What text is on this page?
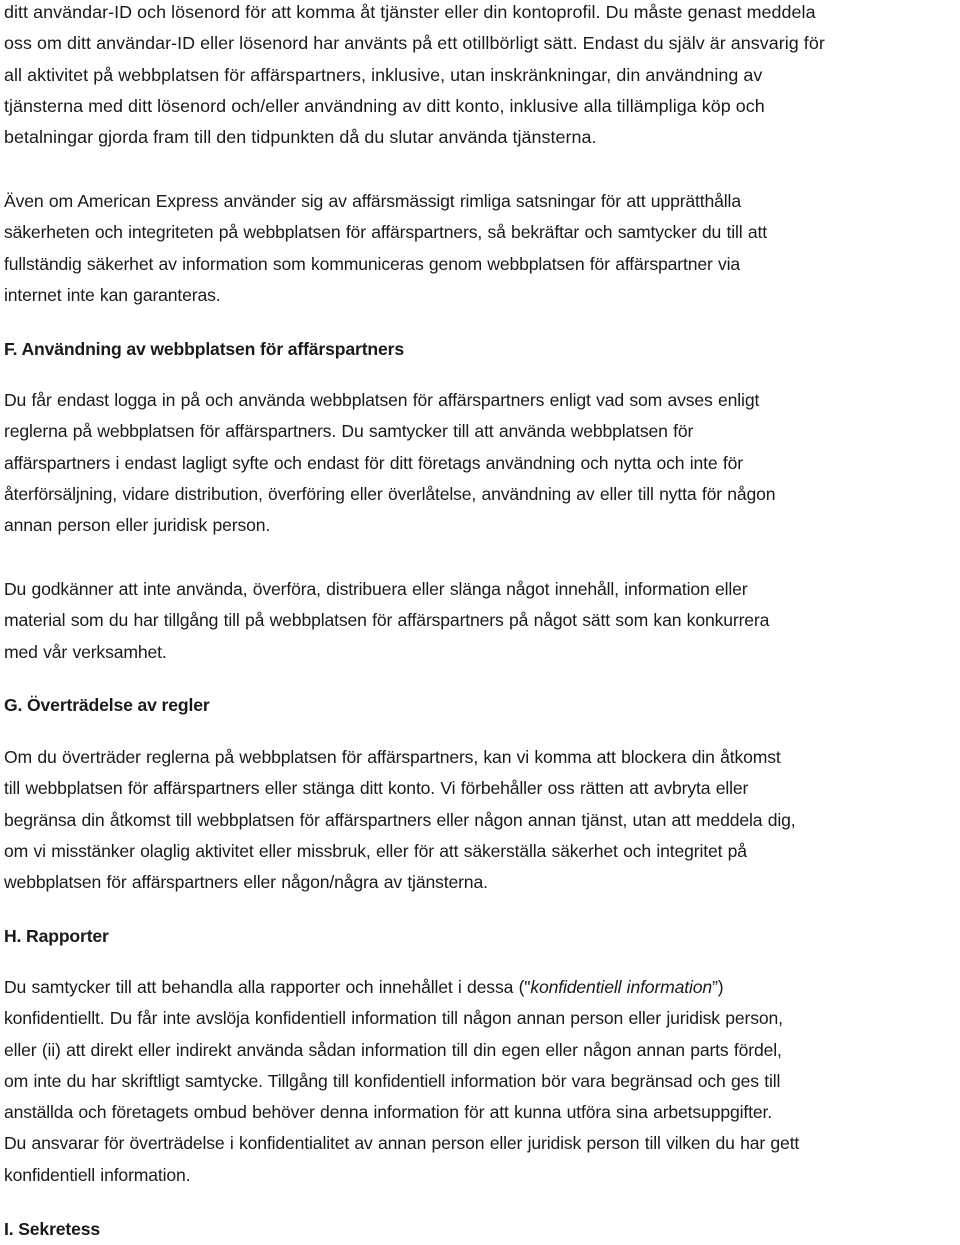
ditt användar-ID och lösenord för att komma åt tjänster eller din kontoprofil. Du måste genast meddela
oss om ditt användar-ID eller lösenord har använts på ett otillbörligt sätt. Endast du själv är ansvarig för
all aktivitet på webbplatsen för affärspartners, inklusive, utan inskränkningar, din användning av
tjänsterna med ditt lösenord och/eller användning av ditt konto, inklusive alla tillämpliga köp och
betalningar gjorda fram till den tidpunkten då du slutar använda tjänsterna.
Även om American Express använder sig av affärsmässigt rimliga satsningar för att upprätthålla
säkerheten och integriteten på webbplatsen för affärspartners, så bekräftar och samtycker du till att
fullständig säkerhet av information som kommuniceras genom webbplatsen för affärspartner via
internet inte kan garanteras.
F. Användning av webbplatsen för affärspartners
Du får endast logga in på och använda webbplatsen för affärspartners enligt vad som avses enligt
reglerna på webbplatsen för affärspartners. Du samtycker till att använda webbplatsen för
affärspartners i endast lagligt syfte och endast för ditt företags användning och nytta och inte för
återförsäljning, vidare distribution, överföring eller överlåtelse, användning av eller till nytta för någon
annan person eller juridisk person.
Du godkänner att inte använda, överföra, distribuera eller slänga något innehåll, information eller
material som du har tillgång till på webbplatsen för affärspartners på något sätt som kan konkurrera
med vår verksamhet.
G. Överträdelse av regler
Om du överträder reglerna på webbplatsen för affärspartners, kan vi komma att blockera din åtkomst
till webbplatsen för affärspartners eller stänga ditt konto. Vi förbehåller oss rätten att avbryta eller
begränsa din åtkomst till webbplatsen för affärspartners eller någon annan tjänst, utan att meddela dig,
om vi misstänker olaglig aktivitet eller missbruk, eller för att säkerställa säkerhet och integritet på
webbplatsen för affärspartners eller någon/några av tjänsterna.
H. Rapporter
Du samtycker till att behandla alla rapporter och innehållet i dessa ("konfidentiell information”)
konfidentiellt. Du får inte avslöja konfidentiell information till någon annan person eller juridisk person,
eller (ii) att direkt eller indirekt använda sådan information till din egen eller någon annan parts fördel,
om inte du har skriftligt samtycke. Tillgång till konfidentiell information bör vara begränsad och ges till
anställda och företagets ombud behöver denna information för att kunna utföra sina arbetsuppgifter.
Du ansvarar för överträdelse i konfidentialitet av annan person eller juridisk person till vilken du har gett
konfidentiell information.
I. Sekretess
